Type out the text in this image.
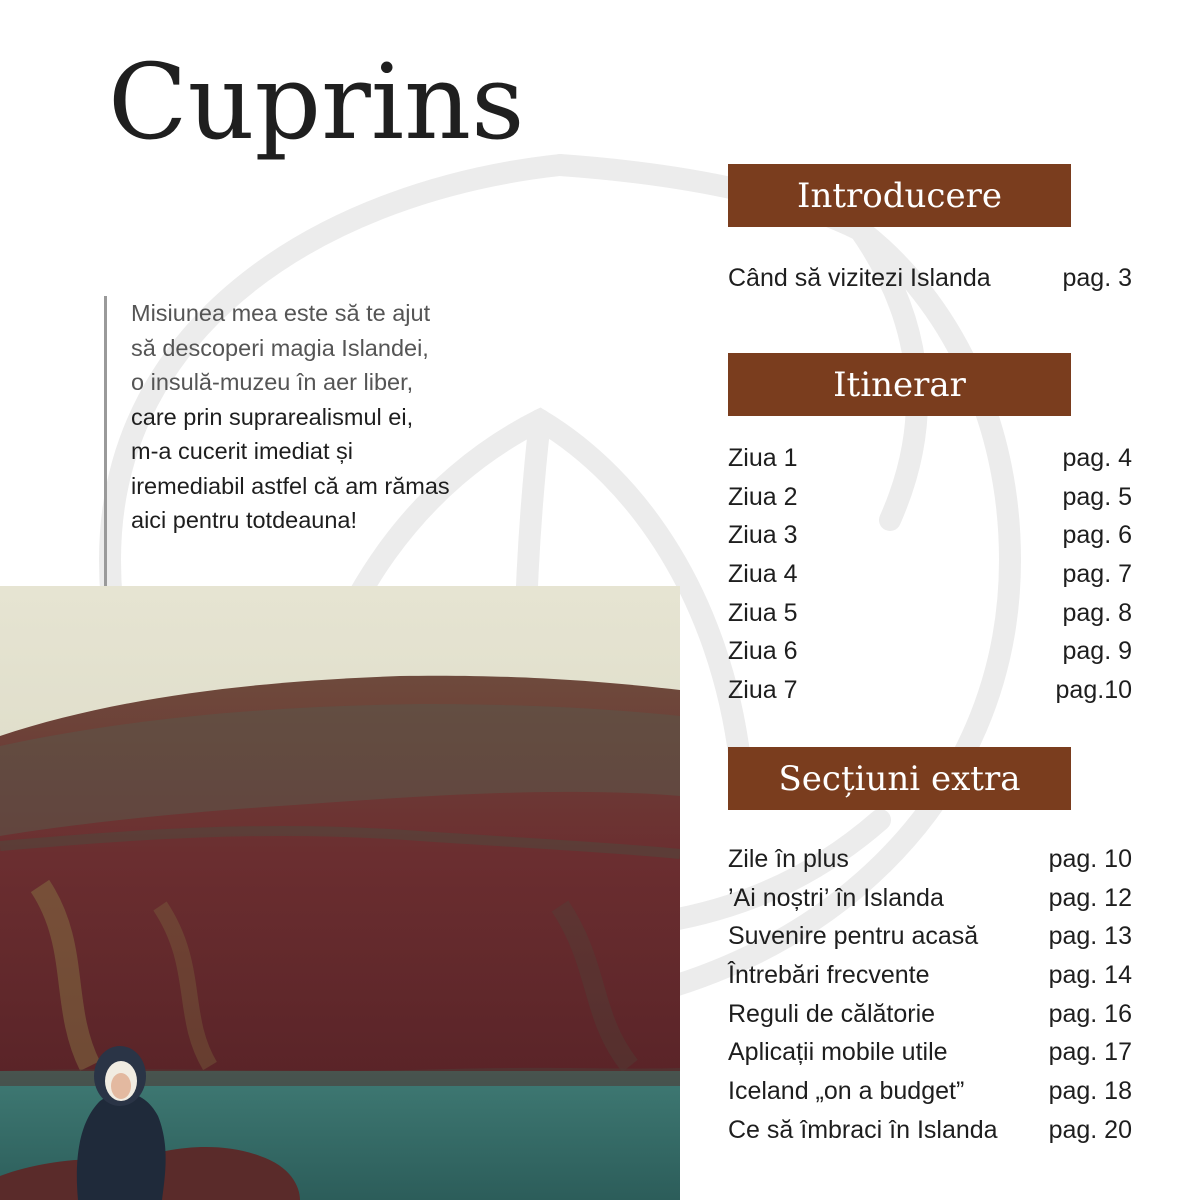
Cuprins
Misiunea mea este să te ajut
să descoperi magia Islandei,
o insulă-muzeu în aer liber,
care prin suprarealismul ei,
m-a cucerit imediat și
iremediabil astfel că am rămas
aici pentru totdeauna!
Introducere
Când să vizitezi Islanda	pag. 3
Itinerar
Ziua 1	pag. 4
Ziua 2	pag. 5
Ziua 3	pag. 6
Ziua 4	pag. 7
Ziua 5	pag. 8
Ziua 6	pag. 9
Ziua 7	pag.10
Secțiuni extra
Zile în plus	pag. 10
’Ai noștri’ în Islanda	pag. 12
Suvenire pentru acasă	pag. 13
Întrebări frecvente	pag. 14
Reguli de călătorie	pag. 16
Aplicații mobile utile	pag. 17
Iceland „on a budget”	pag. 18
Ce să îmbraci în Islanda pag. 20
